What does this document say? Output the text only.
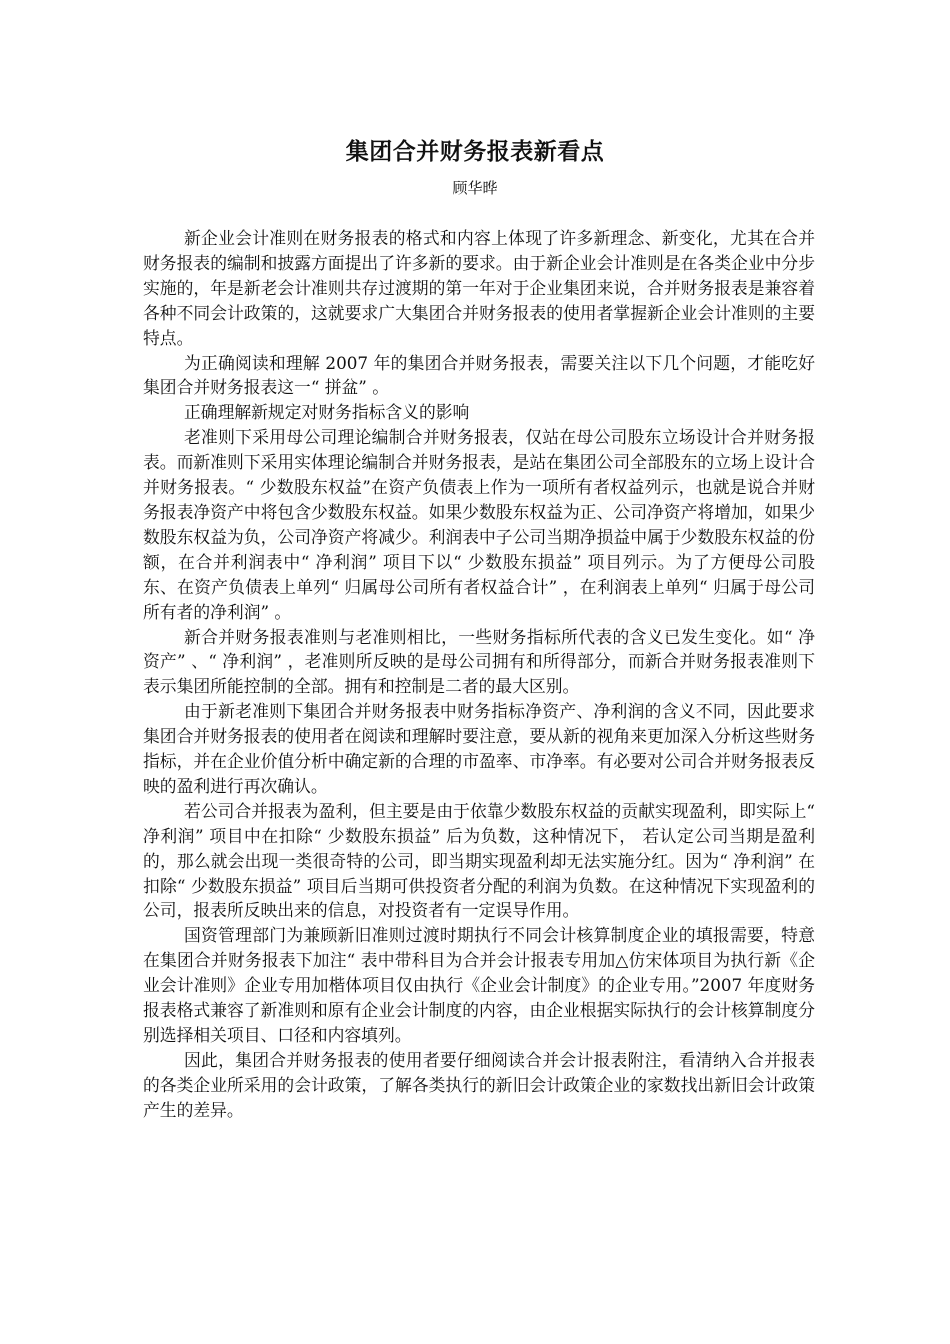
集团合并财务报表新看点
顾华晔

新企业会计准则在财务报表的格式和内容上体现了许多新理念、新变化，尤其在合并财务报表的编制和披露方面提出了许多新的要求。由于新企业会计准则是在各类企业中分步实施的，年是新老会计准则共存过渡期的第一年对于企业集团来说，合并财务报表是兼容着各种不同会计政策的，这就要求广大集团合并财务报表的使用者掌握新企业会计准则的主要特点。

为正确阅读和理解 2007 年的集团合并财务报表，需要关注以下几个问题，才能吃好集团合并财务报表这一“ 拼盆” 。

正确理解新规定对财务指标含义的影响

老准则下采用母公司理论编制合并财务报表，仅站在母公司股东立场设计合并财务报表。而新准则下采用实体理论编制合并财务报表，是站在集团公司全部股东的立场上设计合并财务报表。“ 少数股东权益”在资产负债表上作为一项所有者权益列示，也就是说合并财务报表净资产中将包含少数股东权益。如果少数股东权益为正、公司净资产将增加，如果少数股东权益为负，公司净资产将减少。利润表中子公司当期净损益中属于少数股东权益的份额，在合并利润表中“ 净利润” 项目下以“ 少数股东损益” 项目列示。为了方便母公司股东、在资产负债表上单列“ 归属母公司所有者权益合计” ，在利润表上单列“ 归属于母公司所有者的净利润” 。

新合并财务报表准则与老准则相比，一些财务指标所代表的含义已发生变化。如“ 净资产” 、“ 净利润” ，老准则所反映的是母公司拥有和所得部分，而新合并财务报表准则下表示集团所能控制的全部。拥有和控制是二者的最大区别。

由于新老准则下集团合并财务报表中财务指标净资产、净利润的含义不同，因此要求集团合并财务报表的使用者在阅读和理解时要注意，要从新的视角来更加深入分析这些财务指标，并在企业价值分析中确定新的合理的市盈率、市净率。有必要对公司合并财务报表反映的盈利进行再次确认。

若公司合并报表为盈利，但主要是由于依靠少数股东权益的贡献实现盈利，即实际上“ 净利润” 项目中在扣除“ 少数股东损益” 后为负数，这种情况下， 若认定公司当期是盈利的，那么就会出现一类很奇特的公司，即当期实现盈利却无法实施分红。因为“ 净利润” 在扣除“ 少数股东损益” 项目后当期可供投资者分配的利润为负数。在这种情况下实现盈利的公司，报表所反映出来的信息，对投资者有一定误导作用。

国资管理部门为兼顾新旧准则过渡时期执行不同会计核算制度企业的填报需要，特意在集团合并财务报表下加注“ 表中带科目为合并会计报表专用加△仿宋体项目为执行新《企业会计准则》企业专用加楷体项目仅由执行《企业会计制度》的企业专用。”2007 年度财务报表格式兼容了新准则和原有企业会计制度的内容，由企业根据实际执行的会计核算制度分别选择相关项目、口径和内容填列。

因此，集团合并财务报表的使用者要仔细阅读合并会计报表附注，看清纳入合并报表的各类企业所采用的会计政策，了解各类执行的新旧会计政策企业的家数找出新旧会计政策产生的差异。
